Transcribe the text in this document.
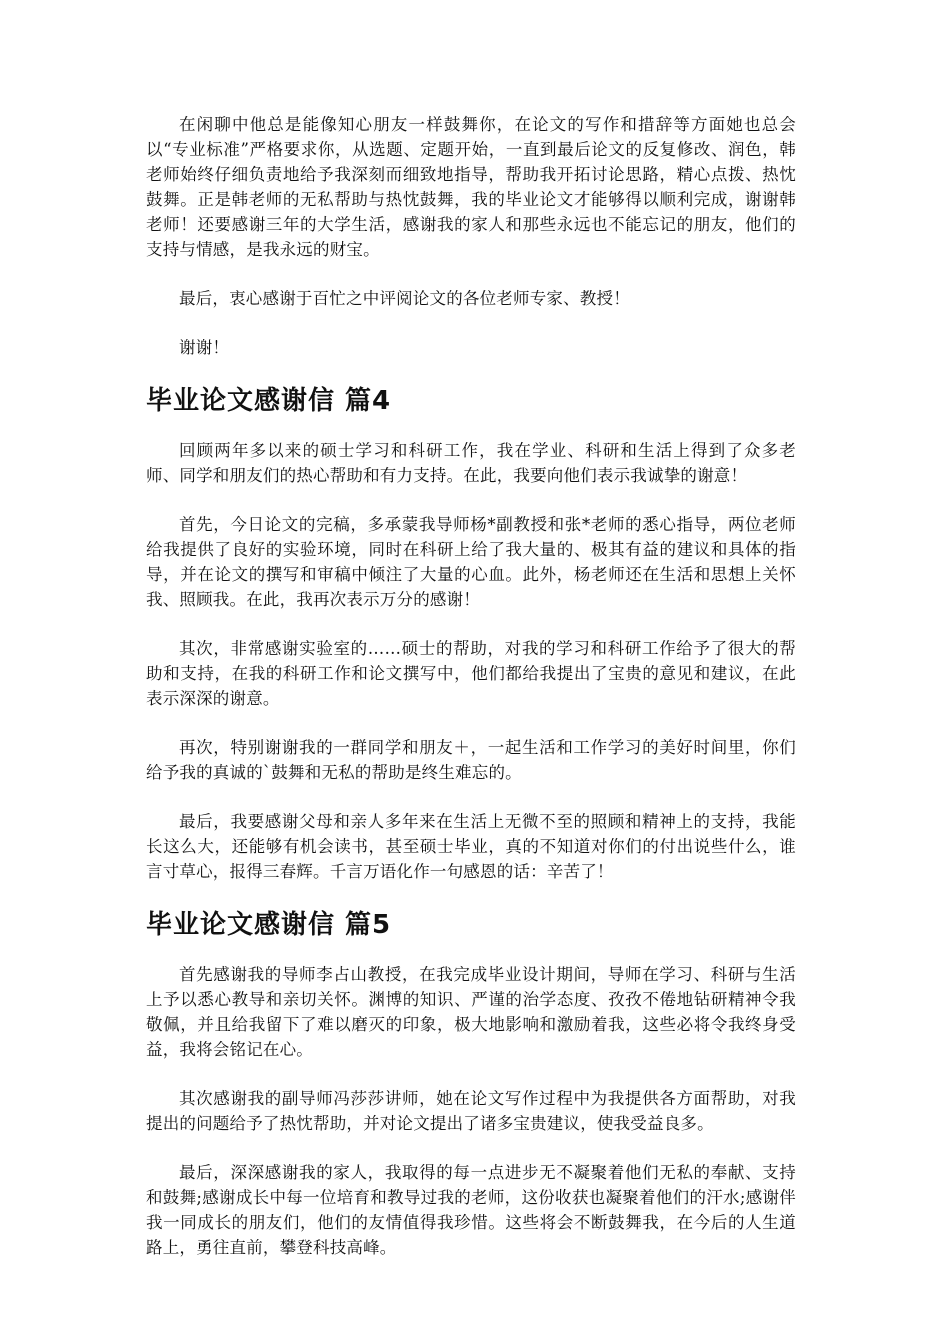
在闲聊中他总是能像知心朋友一样鼓舞你，在论文的写作和措辞等方面她也总会以“专业标准”严格要求你，从选题、定题开始，一直到最后论文的反复修改、润色，韩老师始终仔细负责地给予我深刻而细致地指导，帮助我开拓讨论思路，精心点拨、热忱鼓舞。正是韩老师的无私帮助与热忱鼓舞，我的毕业论文才能够得以顺利完成，谢谢韩老师！还要感谢三年的大学生活，感谢我的家人和那些永远也不能忘记的朋友，他们的支持与情感，是我永远的财宝。

最后，衷心感谢于百忙之中评阅论文的各位老师专家、教授！

谢谢！

毕业论文感谢信 篇4

回顾两年多以来的硕士学习和科研工作，我在学业、科研和生活上得到了众多老师、同学和朋友们的热心帮助和有力支持。在此，我要向他们表示我诚挚的谢意！

首先，今日论文的完稿，多承蒙我导师杨*副教授和张*老师的悉心指导，两位老师给我提供了良好的实验环境，同时在科研上给了我大量的、极其有益的建议和具体的指导，并在论文的撰写和审稿中倾注了大量的心血。此外，杨老师还在生活和思想上关怀我、照顾我。在此，我再次表示万分的感谢！

其次，非常感谢实验室的……硕士的帮助，对我的学习和科研工作给予了很大的帮助和支持，在我的科研工作和论文撰写中，他们都给我提出了宝贵的意见和建议，在此表示深深的谢意。

再次，特别谢谢我的一群同学和朋友＋，一起生活和工作学习的美好时间里，你们给予我的真诚的`鼓舞和无私的帮助是终生难忘的。

最后，我要感谢父母和亲人多年来在生活上无微不至的照顾和精神上的支持，我能长这么大，还能够有机会读书，甚至硕士毕业，真的不知道对你们的付出说些什么，谁言寸草心，报得三春辉。千言万语化作一句感恩的话：辛苦了！

毕业论文感谢信 篇5

首先感谢我的导师李占山教授，在我完成毕业设计期间，导师在学习、科研与生活上予以悉心教导和亲切关怀。渊博的知识、严谨的治学态度、孜孜不倦地钻研精神令我敬佩，并且给我留下了难以磨灭的印象，极大地影响和激励着我，这些必将令我终身受益，我将会铭记在心。

其次感谢我的副导师冯莎莎讲师，她在论文写作过程中为我提供各方面帮助，对我提出的问题给予了热忱帮助，并对论文提出了诸多宝贵建议，使我受益良多。

最后，深深感谢我的家人，我取得的每一点进步无不凝聚着他们无私的奉献、支持和鼓舞;感谢成长中每一位培育和教导过我的老师，这份收获也凝聚着他们的汗水;感谢伴我一同成长的朋友们，他们的友情值得我珍惜。这些将会不断鼓舞我，在今后的人生道路上，勇往直前，攀登科技高峰。
